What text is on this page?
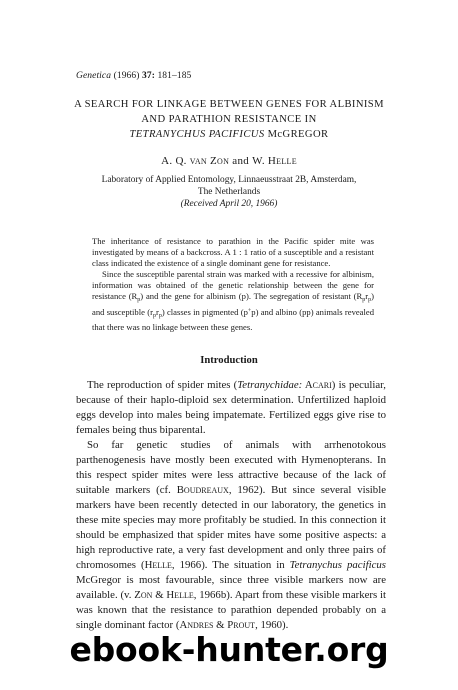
Genetica (1966) 37: 181–185
A SEARCH FOR LINKAGE BETWEEN GENES FOR ALBINISM
AND PARATHION RESISTANCE IN
TETRANYCHUS PACIFICUS McGREGOR
A. Q. van Zon and W. Helle
Laboratory of Applied Entomology, Linnaeusstraat 2B, Amsterdam,
The Netherlands
(Received April 20, 1966)

The inheritance of resistance to parathion in the Pacific spider mite was investigated by means of a backcross. A 1 : 1 ratio of a susceptible and a resistant class indicated the existence of a single dominant gene for resistance.

Since the susceptible parental strain was marked with a recessive for albinism, information was obtained of the genetic relationship between the gene for resistance $(R_p)$ and the gene for albinism (p). The segregation of resistant $(R_pr_p)$ and susceptible $(r_pr_p)$ classes in pigmented (p+p) and albino (pp) animals revealed that there was no linkage between these genes.

Introduction

The reproduction of spider mites (Tetranychidae: Acari) is peculiar, because of their haplo-diploid sex determination. Unfertilized haploid eggs develop into males being impatemate. Fertilized eggs give rise to females being thus biparental.

So far genetic studies of animals with arrhenotokous parthenogenesis have mostly been executed with Hymenopterans. In this respect spider mites were less attractive because of the lack of suitable markers (cf. Boudreaux, 1962). But since several visible markers have been recently detected in our laboratory, the genetics in these mite species may more profitably be studied. In this connection it should be emphasized that spider mites have some positive aspects: a high reproductive rate, a very fast development and only three pairs of chromosomes (Helle, 1966). The situation in Tetranychus pacificus McGregor is most favourable, since three visible markers now are available. (v. Zon & Helle, 1966b). Apart from these visible markers it was known that the resistance to parathion depended probably on a single dominant factor (Andres & Prout, 1960).

ebook-hunter.org
